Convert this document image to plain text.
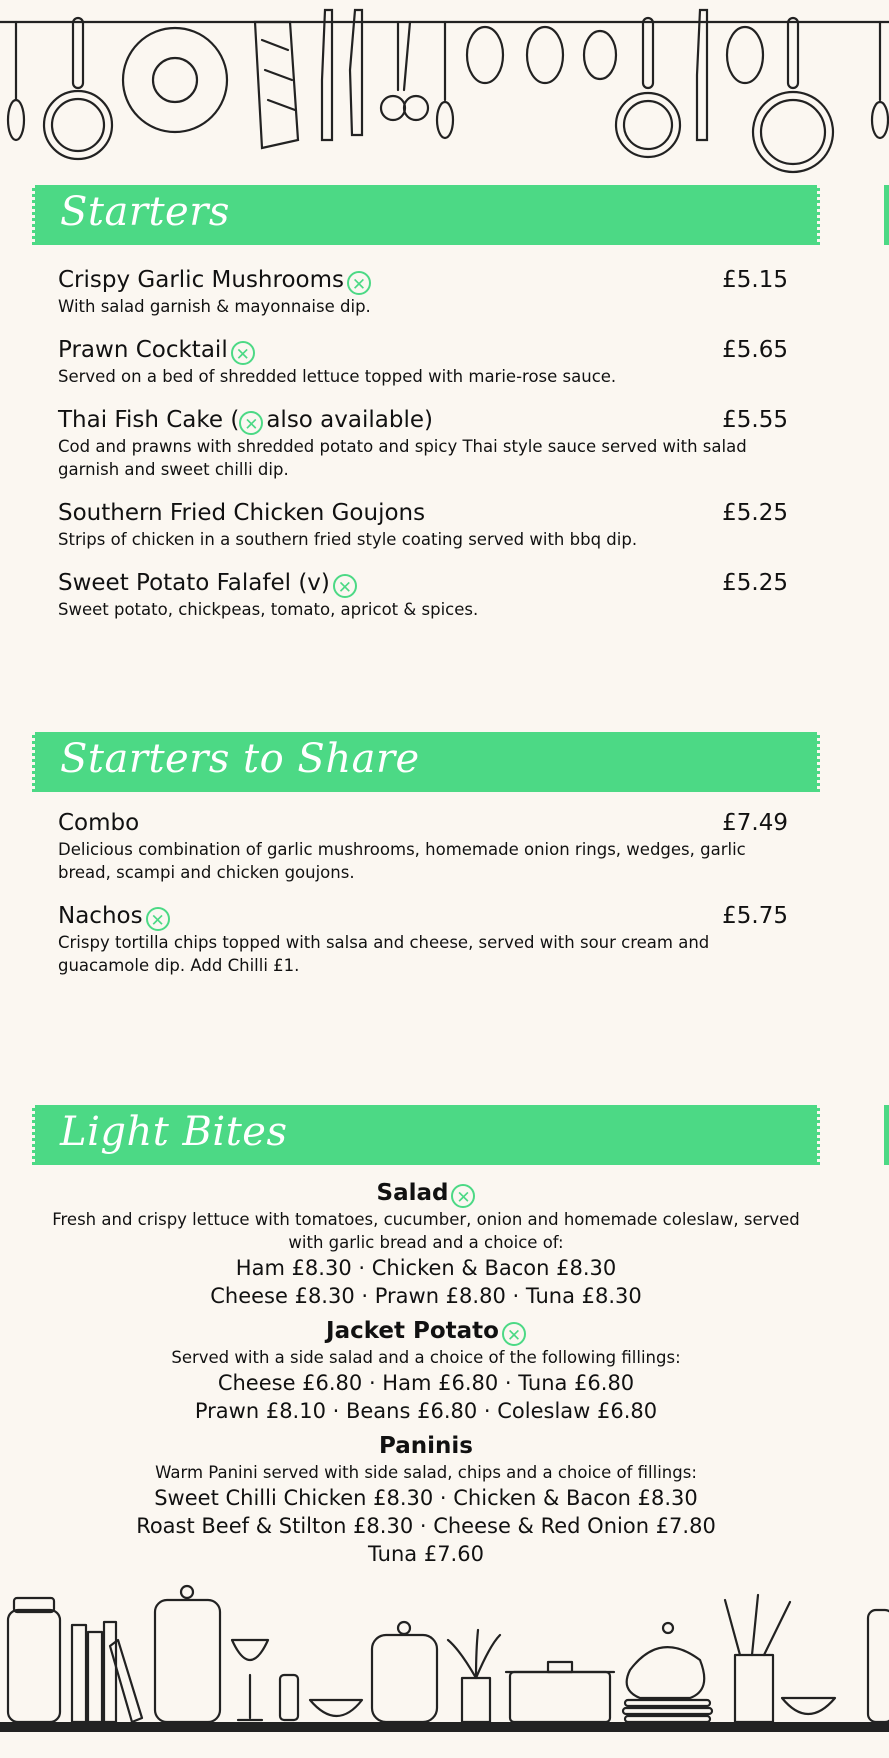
Starters
Crispy Garlic Mushrooms ✕	£5.15
With salad garnish & mayonnaise dip.
Prawn Cocktail ✕	£5.65
Served on a bed of shredded lettuce topped with marie-rose sauce.
Thai Fish Cake ( ✕ also available)	£5.55
Cod and prawns with shredded potato and spicy Thai style sauce served with salad garnish and sweet chilli dip.
Southern Fried Chicken Goujons	£5.25
Strips of chicken in a southern fried style coating served with bbq dip.
Sweet Potato Falafel (v) ✕	£5.25
Sweet potato, chickpeas, tomato, apricot & spices.
Starters to Share
Combo	£7.49
Delicious combination of garlic mushrooms, homemade onion rings, wedges, garlic bread, scampi and chicken goujons.
Nachos ✕	£5.75
Crispy tortilla chips topped with salsa and cheese, served with sour cream and guacamole dip. Add Chilli £1.
Light Bites
Salad ✕
Fresh and crispy lettuce with tomatoes, cucumber, onion and homemade coleslaw, served with garlic bread and a choice of:
Ham £8.30 · Chicken & Bacon £8.30
Cheese £8.30 · Prawn £8.80 · Tuna £8.30
Jacket Potato ✕
Served with a side salad and a choice of the following fillings:
Cheese £6.80 · Ham £6.80 · Tuna £6.80
Prawn £8.10 · Beans £6.80 · Coleslaw £6.80
Paninis
Warm Panini served with side salad, chips and a choice of fillings:
Sweet Chilli Chicken £8.30 · Chicken & Bacon £8.30
Roast Beef & Stilton £8.30 · Cheese & Red Onion £7.80
Tuna £7.60
